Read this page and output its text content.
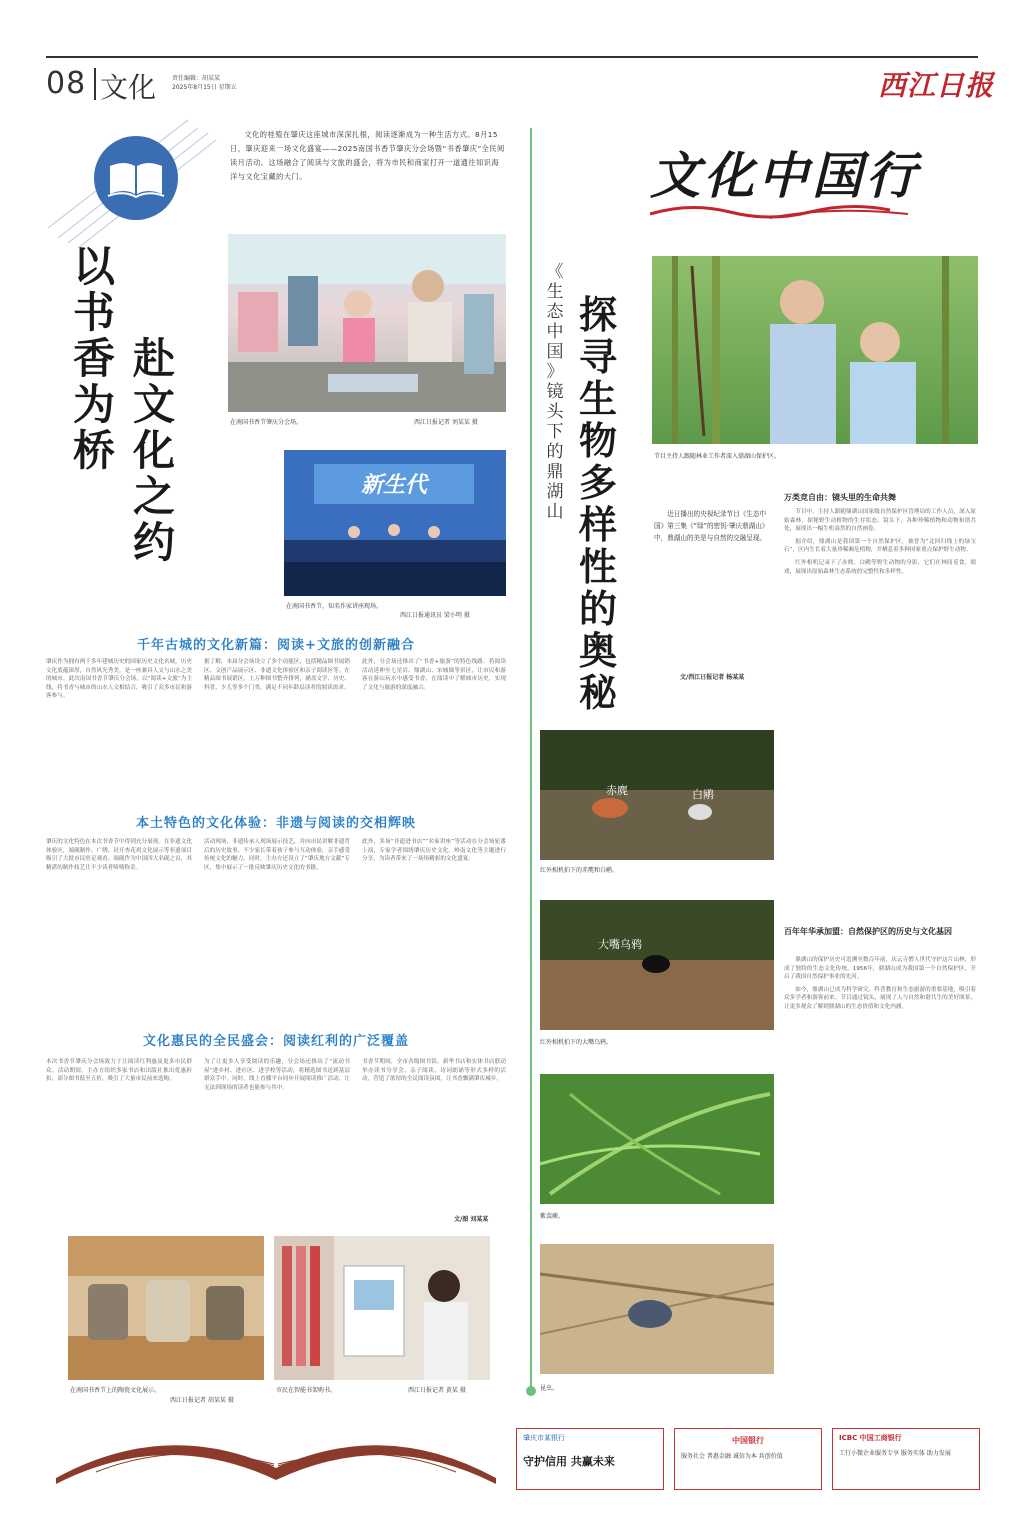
08 文化	责任编辑：胡某某
2025年8月15日 星期五	西江日报
以
书
香
为
桥
赴
文
化
之
约
文化的桂殖在肇庆这座城市深深扎根，阅读逐渐成为一种生活方式。8月15日，肇庆迎来一场文化盛宴——2025南国书香节肇庆分会场暨“书香肇庆”全民阅读月活动。这场融合了阅读与文旅的盛会，将为市民和商家打开一道通往知识海洋与文化宝藏的大门。
在南国书香节肇庆分会场。	西江日报记者 刘某某 摄
新生代
在南国书香节，知名作家讲座现场。
西江日报通讯员 梁小明 摄
千年古城的文化新篇：阅读+文旅的创新融合
肇庆作为拥有两千多年建城历史的国家历史文化名城，历史文化底蕴深厚，自然风光秀美，是一座兼具人文与山水之美的城市。此次南国书香节肇庆分会场，以“阅读+文旅”为主线，将书香与城市的山水人文相结合，吸引了众多市民和游客参与。
据了解，本届分会场设立了多个功能区，包括精品图书展销区、文创产品展示区、非遗文化体验区和亲子阅读区等。在精品图书展销区，上万种图书整齐排列，涵盖文学、历史、科普、少儿等多个门类，满足不同年龄层读者的阅读需求。
此外，分会场还推出了“书香+旅游”的特色线路，将阅读活动延伸至七星岩、鼎湖山、宋城墙等景区，让市民和游客在游山玩水中感受书香，在阅读中了解城市历史，实现了文化与旅游的深度融合。
本土特色的文化体验：非遗与阅读的交相辉映
肇庆的文化特色在本次书香节中得到充分展现。在非遗文化体验区，端砚制作、广绣、封开杏花鸡文化展示等非遗项目吸引了大批市民驻足观看。端砚作为中国四大名砚之首，其精湛的制作技艺让不少读者啧啧称奇。
活动现场，非遗传承人现场展示技艺，并向市民讲解非遗背后的历史故事。不少家长带着孩子参与互动体验，亲手感受传统文化的魅力。同时，主办方还设立了“肇庆地方文献”专区，集中展示了一批反映肇庆历史文化的书籍。
此外，多场“非遗进书店”“名家讲座”等活动在分会场轮番上演，专家学者围绕肇庆历史文化、岭南文化等主题进行分享，为读者带来了一场场精彩的文化盛宴。
文化惠民的全民盛会：阅读红利的广泛覆盖
本次书香节肇庆分会场致力于让阅读红利惠及更多市民群众。活动期间，主办方组织多家书店和出版社推出优惠折扣，部分图书低至五折，吸引了大量市民前来选购。
为了让更多人享受阅读的乐趣，分会场还推出了“流动书屋”进乡村、进社区、进学校等活动，将精选图书送到基层群众手中。同时，线上直播平台同步开展阅读推广活动，让无法到现场的读者也能参与其中。
书香节期间，全市各级图书馆、新华书店和实体书店联动举办读书分享会、亲子阅读、诗词朗诵等形式多样的活动，营造了浓厚的全民阅读氛围，让书香飘满肇庆城乡。
文/图 刘某某
在南国书香节上的陶瓷文化展示。
西江日报记者 胡某某 摄
市民在智能书架购书。	西江日报记者 黄某 摄
文化中国行
探
寻
生
物
多
样
性
的
奥
秘
《
生
态
中
国
》
镜
头
下
的
鼎
湖
山
节目主持人跟随林业工作者深入鼎湖山保护区。
近日播出的央视纪录节目《生态中国》第三集《“绿”的密钥·肇庆鼎湖山》中，鼎湖山的美是与自然的交融呈现。
文/西江日报记者 杨某某
万类竞自由：镜头里的生命共舞

节目中，主持人跟随鼎湖山国家级自然保护区管理局的工作人员，深入原始森林，探秘野生动植物的生存状态。镜头下，各种珍稀植物和动物和谐共处，展现出一幅生机盎然的自然画卷。

据介绍，鼎湖山是我国第一个自然保护区，被誉为“北回归线上的绿宝石”，区内生长着大量珍稀濒危植物，并栖息着多种国家重点保护野生动物。

红外相机记录下了赤麂、白鹇等野生动物的身影，它们在林间觅食、嬉戏，展现出原始森林生态系统的完整性和多样性。

百年年华承加盟：自然保护区的历史与文化基因

鼎湖山的保护历史可追溯至数百年前，庆云寺僧人世代守护这片山林，形成了独特的生态文化传统。1956年，鼎湖山成为我国第一个自然保护区，开启了我国自然保护事业的先河。

如今，鼎湖山已成为科学研究、科普教育和生态旅游的重要基地，吸引着众多学者和游客前来。节目通过镜头，展现了人与自然和谐共生的美好图景，让更多观众了解到鼎湖山的生态价值和文化内涵。

赤麂	白鹇
红外相机拍下的赤麂和白鹇。
大嘴乌鸦
红外相机拍下的大嘴乌鸦。
紫萁蕨。
昆虫。
肇庆市某银行
守护信用 共赢未来
中国银行
服务社会 普惠金融 诚信为本 共创价值
ICBC 中国工商银行
工行小微企业服务专享 服务实体 助力发展
